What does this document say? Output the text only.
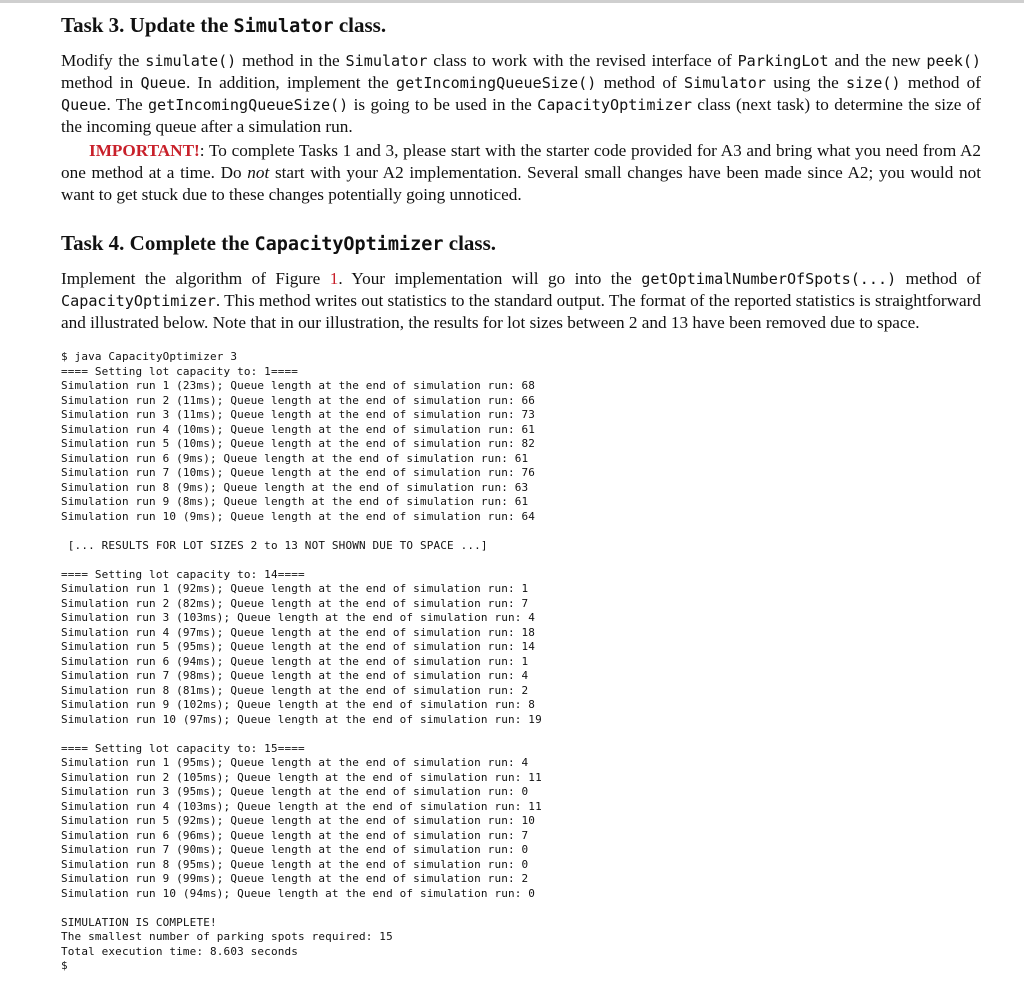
Task 3. Update the Simulator class.

Modify the simulate() method in the Simulator class to work with the revised interface of ParkingLot and the new peek() method in Queue. In addition, implement the getIncomingQueueSize() method of Simulator using the size() method of Queue. The getIncomingQueueSize() is going to be used in the CapacityOptimizer class (next task) to determine the size of the incoming queue after a simulation run.

IMPORTANT!: To complete Tasks 1 and 3, please start with the starter code provided for A3 and bring what you need from A2 one method at a time. Do not start with your A2 implementation. Several small changes have been made since A2; you would not want to get stuck due to these changes potentially going unnoticed.

Task 4. Complete the CapacityOptimizer class.

Implement the algorithm of Figure 1. Your implementation will go into the getOptimalNumberOfSpots(...) method of CapacityOptimizer. This method writes out statistics to the standard output. The format of the reported statistics is straightforward and illustrated below. Note that in our illustration, the results for lot sizes between 2 and 13 have been removed due to space.

$ java CapacityOptimizer 3
==== Setting lot capacity to: 1====
Simulation run 1 (23ms); Queue length at the end of simulation run: 68
Simulation run 2 (11ms); Queue length at the end of simulation run: 66
Simulation run 3 (11ms); Queue length at the end of simulation run: 73
Simulation run 4 (10ms); Queue length at the end of simulation run: 61
Simulation run 5 (10ms); Queue length at the end of simulation run: 82
Simulation run 6 (9ms); Queue length at the end of simulation run: 61
Simulation run 7 (10ms); Queue length at the end of simulation run: 76
Simulation run 8 (9ms); Queue length at the end of simulation run: 63
Simulation run 9 (8ms); Queue length at the end of simulation run: 61
Simulation run 10 (9ms); Queue length at the end of simulation run: 64
[... RESULTS FOR LOT SIZES 2 to 13 NOT SHOWN DUE TO SPACE ...]
==== Setting lot capacity to: 14====
Simulation run 1 (92ms); Queue length at the end of simulation run: 1
Simulation run 2 (82ms); Queue length at the end of simulation run: 7
Simulation run 3 (103ms); Queue length at the end of simulation run: 4
Simulation run 4 (97ms); Queue length at the end of simulation run: 18
Simulation run 5 (95ms); Queue length at the end of simulation run: 14
Simulation run 6 (94ms); Queue length at the end of simulation run: 1
Simulation run 7 (98ms); Queue length at the end of simulation run: 4
Simulation run 8 (81ms); Queue length at the end of simulation run: 2
Simulation run 9 (102ms); Queue length at the end of simulation run: 8
Simulation run 10 (97ms); Queue length at the end of simulation run: 19
==== Setting lot capacity to: 15====
Simulation run 1 (95ms); Queue length at the end of simulation run: 4
Simulation run 2 (105ms); Queue length at the end of simulation run: 11
Simulation run 3 (95ms); Queue length at the end of simulation run: 0
Simulation run 4 (103ms); Queue length at the end of simulation run: 11
Simulation run 5 (92ms); Queue length at the end of simulation run: 10
Simulation run 6 (96ms); Queue length at the end of simulation run: 7
Simulation run 7 (90ms); Queue length at the end of simulation run: 0
Simulation run 8 (95ms); Queue length at the end of simulation run: 0
Simulation run 9 (99ms); Queue length at the end of simulation run: 2
Simulation run 10 (94ms); Queue length at the end of simulation run: 0
SIMULATION IS COMPLETE!
The smallest number of parking spots required: 15
Total execution time: 8.603 seconds
$
